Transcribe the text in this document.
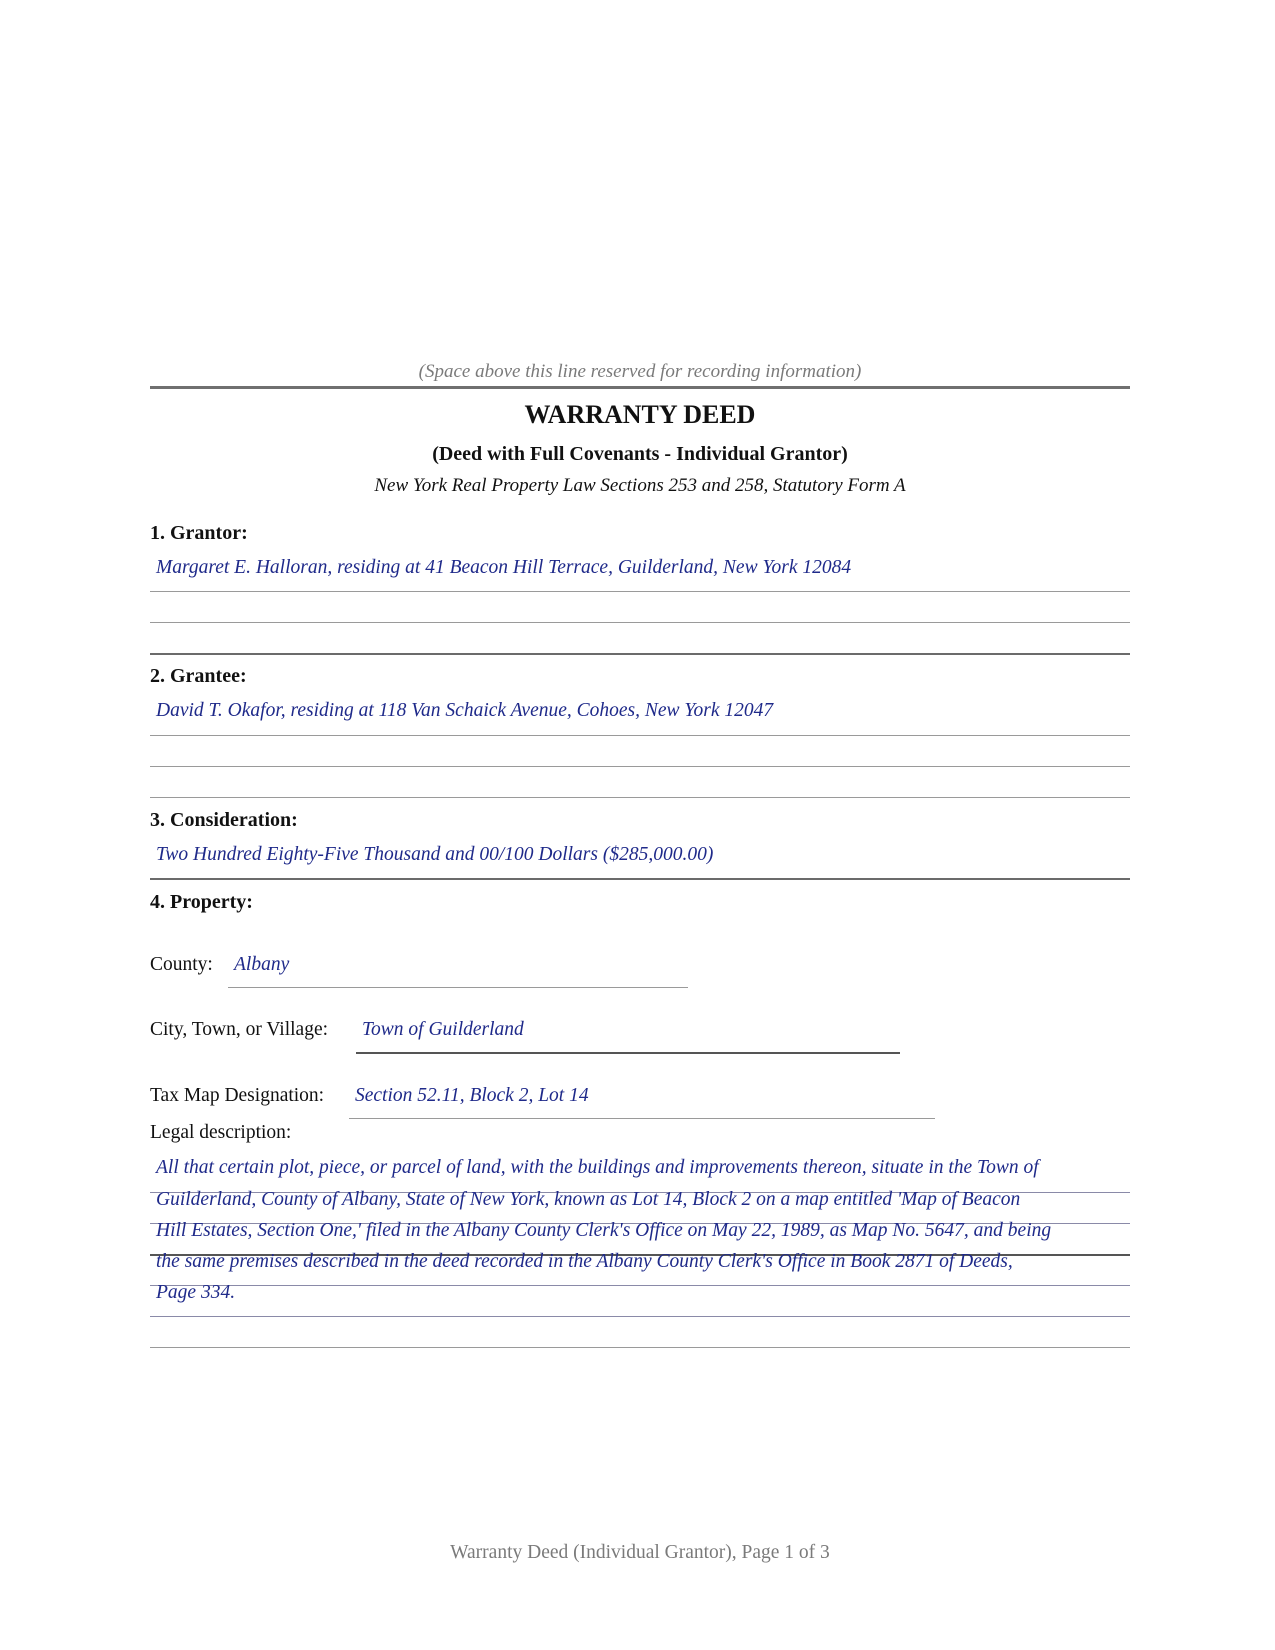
(Space above this line reserved for recording information)
WARRANTY DEED
(Deed with Full Covenants - Individual Grantor)
New York Real Property Law Sections 253 and 258, Statutory Form A
1. Grantor:
Margaret E. Halloran, residing at 41 Beacon Hill Terrace, Guilderland, New York 12084
2. Grantee:
David T. Okafor, residing at 118 Van Schaick Avenue, Cohoes, New York 12047
3. Consideration:
Two Hundred Eighty-Five Thousand and 00/100 Dollars ($285,000.00)
4. Property:
County: Albany
City, Town, or Village: Town of Guilderland
Tax Map Designation: Section 52.11, Block 2, Lot 14
Legal description:
All that certain plot, piece, or parcel of land, with the buildings and improvements thereon, situate in the Town of
Guilderland, County of Albany, State of New York, known as Lot 14, Block 2 on a map entitled 'Map of Beacon
Hill Estates, Section One,' filed in the Albany County Clerk's Office on May 22, 1989, as Map No. 5647, and being
the same premises described in the deed recorded in the Albany County Clerk's Office in Book 2871 of Deeds,
Page 334.
Warranty Deed (Individual Grantor), Page 1 of 3
